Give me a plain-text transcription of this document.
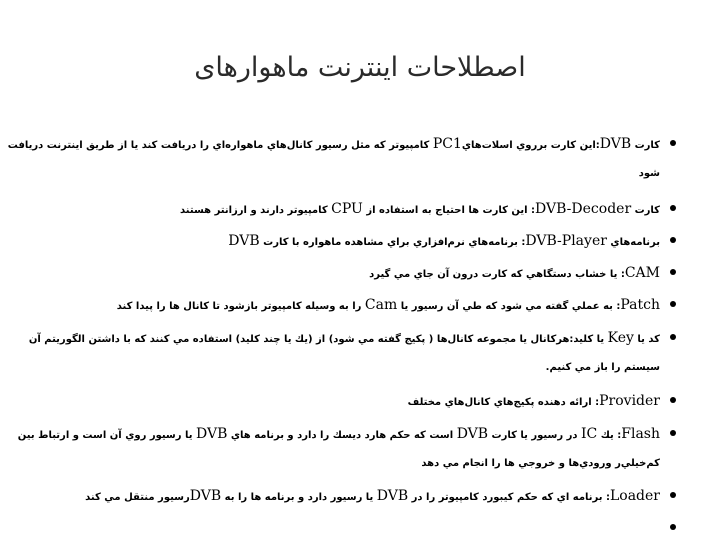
اصطلاحات اینترنت ماهوارهای
كارت DVB:اين كارت برروي اسلات‌هايPC1 كامپيوتر كه مثل رسيور كانال‌هاي ماهواره‌اي را دريافت كند يا از طريق اينترنت دريافت
شود
كارت DVB-Decoder: اين كارت ها احتياج به استفاده از CPU كامپيوتر دارند و ارزانتر هستند
برنامه‌هاي DVB-Player: برنامه‌هاي نرم‌افزاري براي مشاهده ماهواره با كارت DVB
CAM: يا خشاب دستگاهي كه كارت درون آن جاي مي گيرد
Patch: به عملي گفته مي شود كه طي آن رسيور يا Cam را به وسيله كامپيوتر بازشود تا كانال ها را پيدا كند
كد يا Key يا كليد:هركانال يا مجموعه كانال‌ها ( پكيج گفته مي شود) از (يك يا چند كليد) استفاده مي كنند كه با داشتن الگوريتم آن
سيستم را باز مي كنيم.
Provider: ارائه دهنده پكيج‌هاي كانال‌هاي مختلف
Flash: يك IC در رسيور يا كارت DVB است كه حكم هارد ديسك را دارد و برنامه هاي DVB يا رسيور روي آن است و ارتباط بين
كم‌خيلي‌ر ورودي‌ها و خروجي ها را انجام مي دهد
Loader: برنامه اي كه حكم كيبورد كامپيوتر را در DVB يا رسيور دارد و برنامه ها را به DVBرسيور منتقل مي كند
